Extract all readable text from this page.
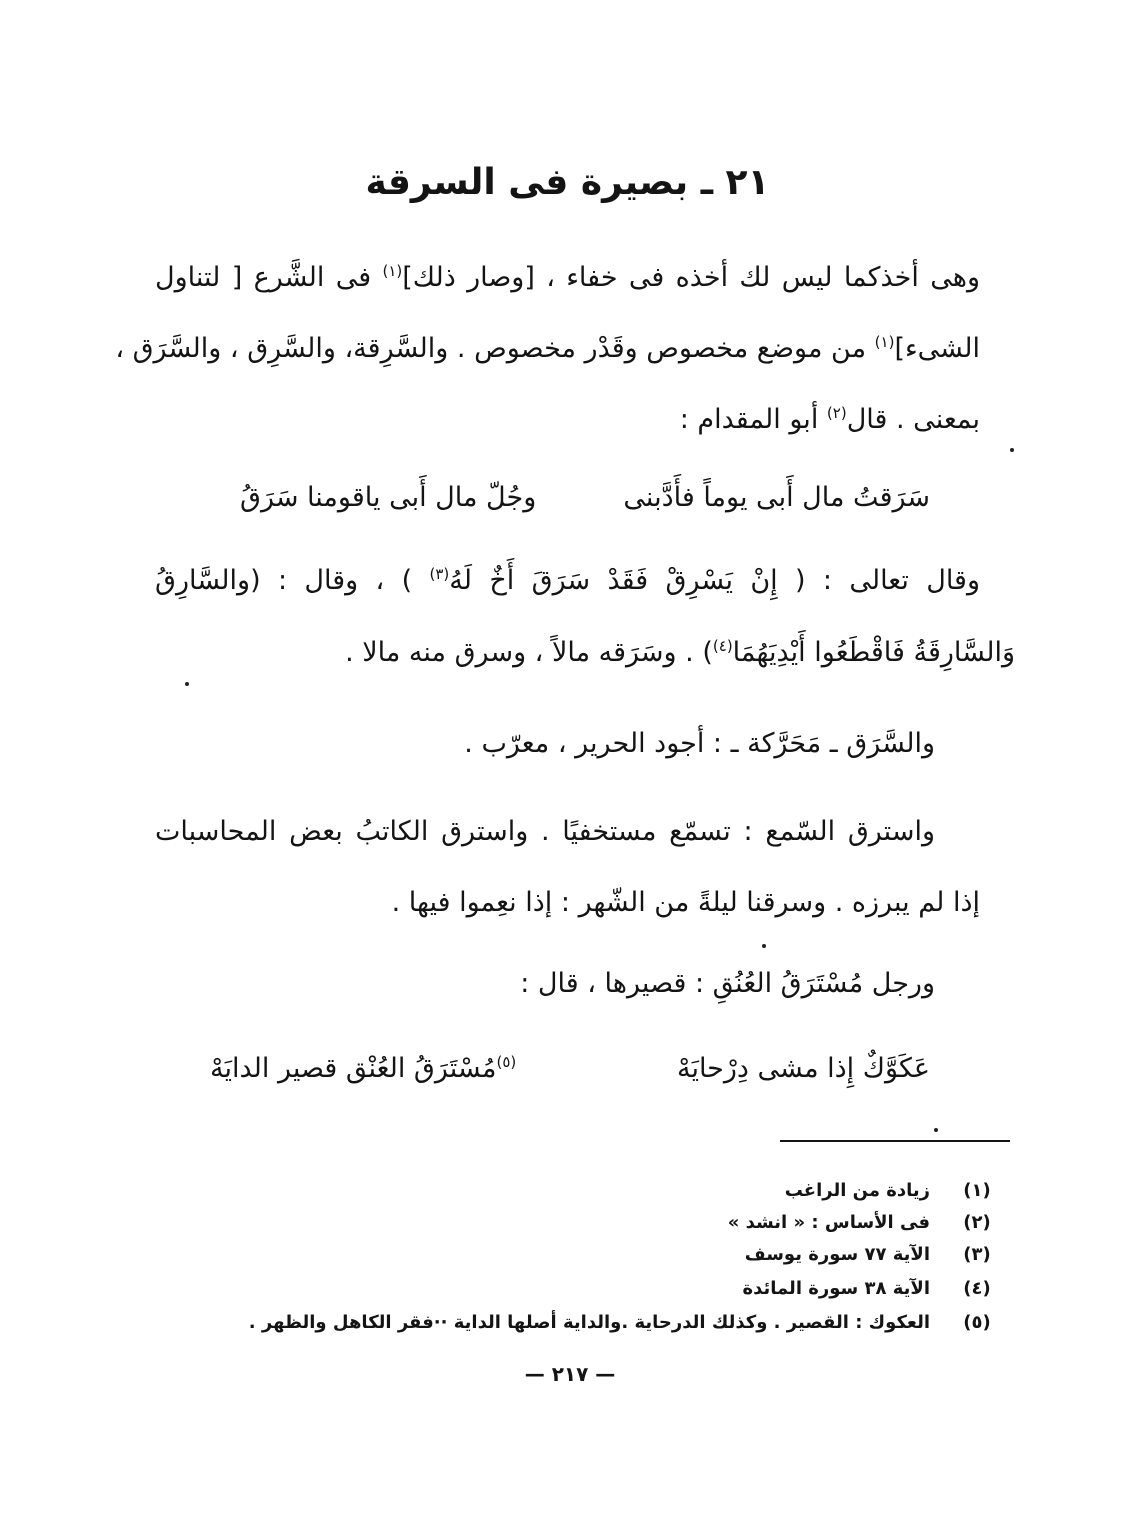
٢١ ـ بصيرة فى السرقة

وهى أخذكما ليس لك أخذه فى خفاء ، [وصار ذلك]$^{(١)}$ فى الشَّرع [ لتناول

الشىء]$^{(١)}$ من موضع مخصوص وقَدْر مخصوص . والسَّرِقة، والسَّرِق ، والسَّرَق ،

بمعنى . قال$^{(٢)}$ أبو المقدام :

سَرَقتُ مال أَبى يوماً فأَدَّبنى
وجُلّ مال أَبى ياقومنا سَرَقُ

وقال تعالى : ( إِنْ يَسْرِقْ فَقَدْ سَرَقَ أَخٌ لَهُ$^{(٣)}$ ) ، وقال : (والسَّارِقُ

وَالسَّارِقَةُ فَاقْطَعُوا أَيْدِيَهُمَا$^{(٤)}$) . وسَرَقه مالاً ، وسرق منه مالا .

والسَّرَق ـ مَحَرَّكة ـ : أجود الحرير ، معرّب .

واسترق السّمع : تسمّع مستخفيًا . واسترق الكاتبُ بعض المحاسبات

إذا لم يبرزه . وسرقنا ليلةً من الشّهر : إذا نعِموا فيها .

ورجل مُسْتَرَقُ العُنُقِ : قصيرها ، قال :

عَكَوَّكٌ إِذا مشى دِرْحايَهْ
$^{(٥)}$مُسْتَرَقُ العُنْق قصير الدايَهْ
(١)
زيادة من الراغب
(٢)
فى الأساس : « انشد »
(٣)
الآية ٧٧ سورة يوسف
(٤)
الآية ٣٨ سورة المائدة
(٥)
العكوك : القصير . وكذلك الدرحاية .والداية أصلها الداية ··فقر الكاهل والظهر .
— ٢١٧ —
